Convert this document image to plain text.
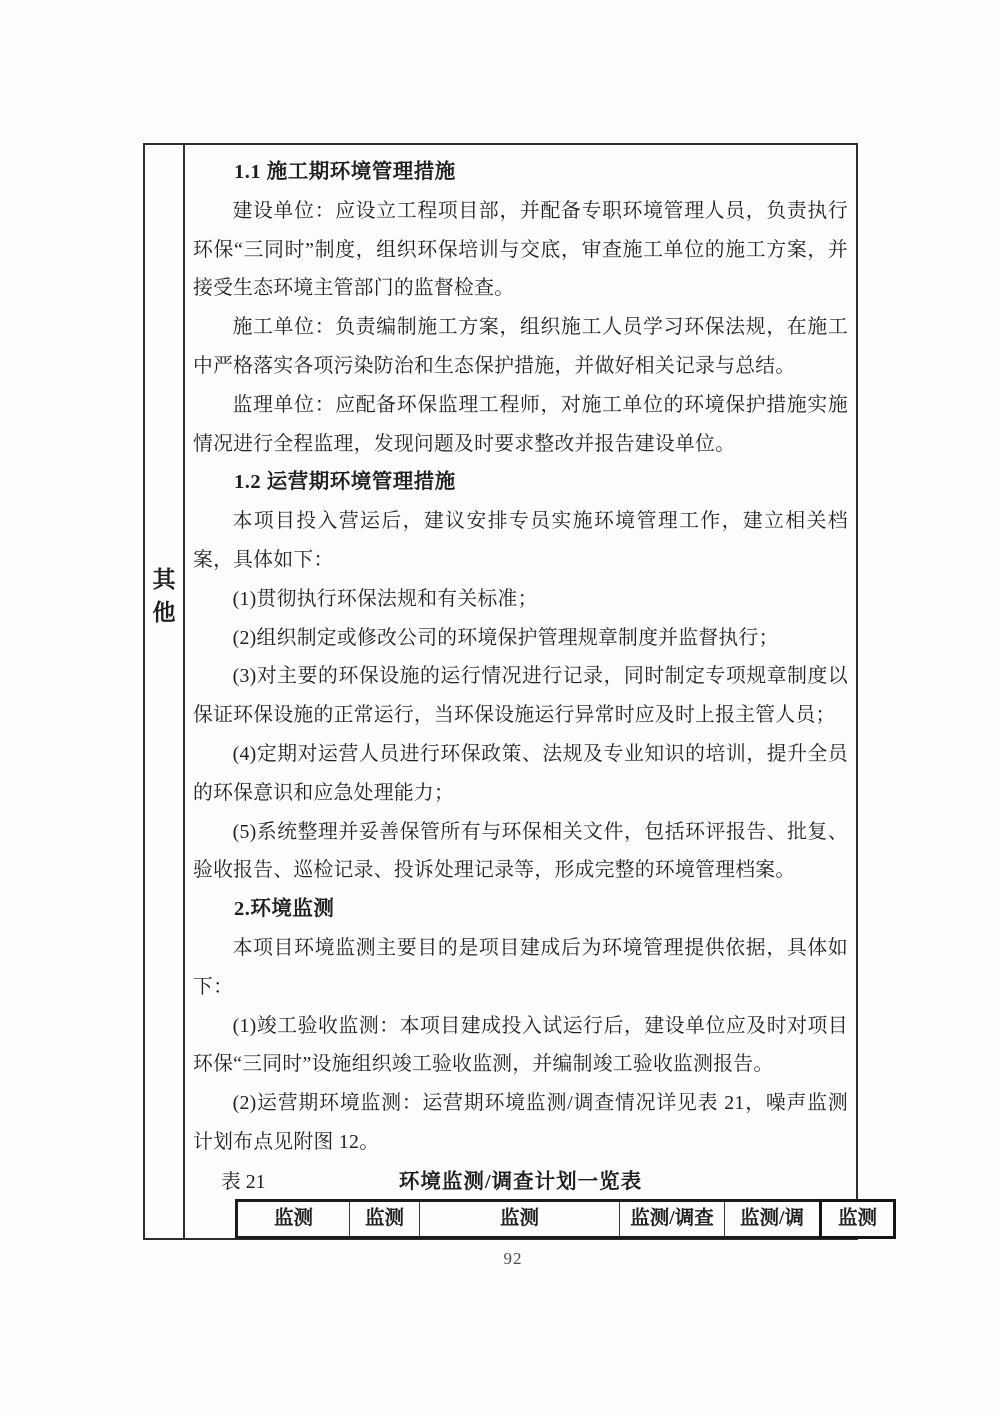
其他
1.1 施工期环境管理措施
建设单位：应设立工程项目部，并配备专职环境管理人员，负责执行环保“三同时”制度，组织环保培训与交底，审查施工单位的施工方案，并接受生态环境主管部门的监督检查。
施工单位：负责编制施工方案，组织施工人员学习环保法规，在施工中严格落实各项污染防治和生态保护措施，并做好相关记录与总结。
监理单位：应配备环保监理工程师，对施工单位的环境保护措施实施情况进行全程监理，发现问题及时要求整改并报告建设单位。
1.2 运营期环境管理措施
本项目投入营运后，建议安排专员实施环境管理工作，建立相关档案，具体如下：
(1)贯彻执行环保法规和有关标准；
(2)组织制定或修改公司的环境保护管理规章制度并监督执行；
(3)对主要的环保设施的运行情况进行记录，同时制定专项规章制度以保证环保设施的正常运行，当环保设施运行异常时应及时上报主管人员；
(4)定期对运营人员进行环保政策、法规及专业知识的培训，提升全员的环保意识和应急处理能力；
(5)系统整理并妥善保管所有与环保相关文件，包括环评报告、批复、验收报告、巡检记录、投诉处理记录等，形成完整的环境管理档案。
2.环境监测
本项目环境监测主要目的是项目建成后为环境管理提供依据，具体如下：
(1)竣工验收监测：本项目建成投入试运行后，建设单位应及时对项目环保“三同时”设施组织竣工验收监测，并编制竣工验收监测报告。
(2)运营期环境监测：运营期环境监测/调查情况详见表 21，噪声监测计划布点见附图 12。
表 21	环境监测/调查计划一览表
监测	监测	监测	监测/调查	监测/调	监测
92
